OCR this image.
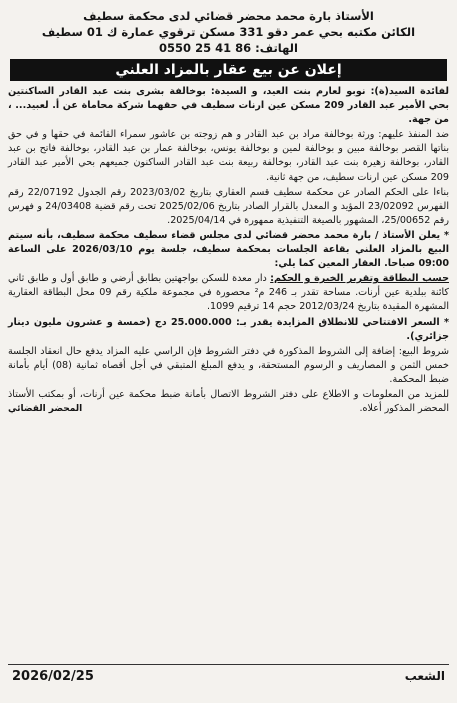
الأستاذ بارة محمد محضر قضائي لدى محكمة سطيف
الكائن مكتبه بحي عمر دقو 331 مسكن ترقوي عمارة ك 01 سطيف
الهاتف: 86 41 25 0550
إعلان عن بيع عقار بالمزاد العلني

لفائدة السيد(ة): نوبو لعارم بنت العيد، و السيدة: بوخالفة بشرى بنت عبد القادر الساكنتين بحي الأمير عبد القادر 209 مسكن عين ارنات سطيف في حقهما شركة محاماة عن أ. لعبيد... ، من جهة.

ضد المنفذ عليهم: ورثة بوخالفة مراد بن عبد القادر و هم زوجته بن عاشور سمراء القائمة في حقها و في حق بناتها القصر بوخالفة مبين و بوخالفة لمين و بوخالفة يونس، بوخالفة عمار بن عبد القادر، بوخالفة فاتح بن عبد القادر، بوخالفة زهيرة بنت عبد القادر، بوخالفة ربيعة بنت عبد القادر الساكنون جميعهم بحي الأمير عبد القادر 209 مسكن عين ارنات سطيف، من جهة ثانية.

بناءا على الحكم الصادر عن محكمة سطيف قسم العقاري بتاريخ 2023/03/02 رقم الجدول 22/07192 رقم الفهرس 23/02092 المؤيد و المعدل بالقرار الصادر بتاريخ 2025/02/06 تحت رقم قضية 24/03408 و فهرس رقم 25/00652، المشهور بالصيغة التنفيذية ممهورة في 2025/04/14.

* يعلن الأستاذ / بارة محمد محضر قضائي لدى مجلس قضاء سطيف محكمة سطيف، بأنه سيتم البيع بالمزاد العلني بقاعة الجلسات بمحكمة سطيف، جلسة يوم 2026/03/10 على الساعة 09:00 صباحا. العقار المعين كما يلي:

حسب البطاقة وتقرير الخبرة و الحكم: دار معدة للسكن بواجهتين بطابق أرضي و طابق أول و طابق ثاني كائنة ببلدية عين أرنات. مساحة تقدر بـ 246 م² محصورة في مجموعة ملكية رقم 09 محل البطاقة العقارية المشهرة المقيدة بتاريخ 2012/03/24 حجم 14 ترقيم 1099.

* السعر الافتتاحي للانطلاق المزايدة يقدر بـ: 25.000.000 دج (خمسة و عشرون مليون دينار جزائري).

شروط البيع: إضافة إلى الشروط المذكورة في دفتر الشروط فإن الراسي عليه المزاد يدفع حال انعقاد الجلسة خمس الثمن و المصاريف و الرسوم المستحقة، و يدفع المبلغ المتبقي في أجل أقصاه ثمانية (08) أيام بأمانة ضبط المحكمة.

للمزيد من المعلومات و الاطلاع على دفتر الشروط الاتصال بأمانة ضبط محكمة عين أرنات، أو بمكتب الأستاذ المحضر المذكور أعلاه.
المحضر القضائي

الشعب
2026/02/25
